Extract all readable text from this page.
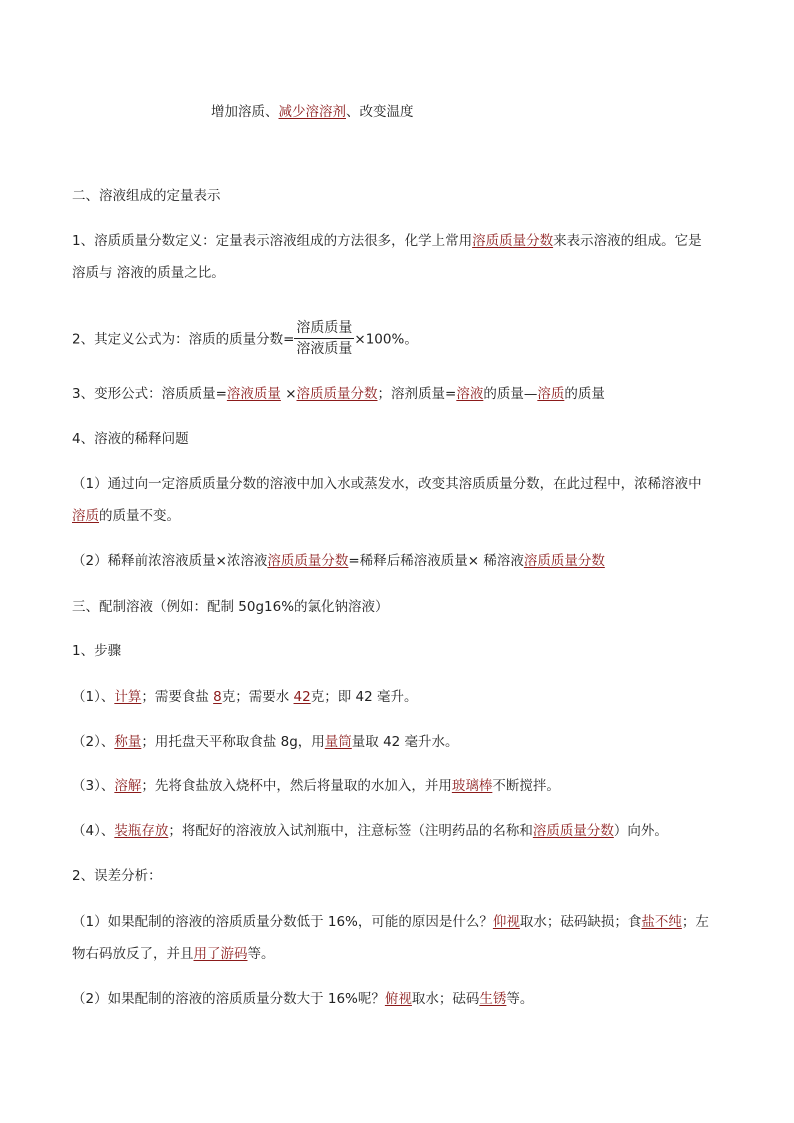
增加溶质、减少溶溶剂、改变温度
二、溶液组成的定量表示
1、溶质质量分数定义：定量表示溶液组成的方法很多，化学上常用溶质质量分数来表示溶液的组成。它是
溶质与 溶液的质量之比。
2、其定义公式为：溶质的质量分数= $\frac{\text{溶质质量}}{\text{溶液质量}} \times 100\%$。
3、变形公式：溶质质量=溶液质量 ×溶质质量分数；溶剂质量=溶液的质量—溶质的质量
4、溶液的稀释问题
（1）通过向一定溶质质量分数的溶液中加入水或蒸发水，改变其溶质质量分数，在此过程中，浓稀溶液中
溶质的质量不变。
（2）稀释前浓溶液质量×浓溶液溶质质量分数=稀释后稀溶液质量× 稀溶液溶质质量分数
三、配制溶液（例如：配制 50g16%的氯化钠溶液）
1、步骤
（1）、计算；需要食盐 8克；需要水 42克；即 42 毫升。
（2）、称量；用托盘天平称取食盐 8g，用量筒量取 42 毫升水。
（3）、溶解；先将食盐放入烧杯中，然后将量取的水加入，并用玻璃棒不断搅拌。
（4）、装瓶存放；将配好的溶液放入试剂瓶中，注意标签（注明药品的名称和溶质质量分数）向外。
2、误差分析：
（1）如果配制的溶液的溶质质量分数低于 16%，可能的原因是什么？仰视取水；砝码缺损；食盐不纯；左
物右码放反了，并且用了游码等。
（2）如果配制的溶液的溶质质量分数大于 16%呢？俯视取水；砝码生锈等。
